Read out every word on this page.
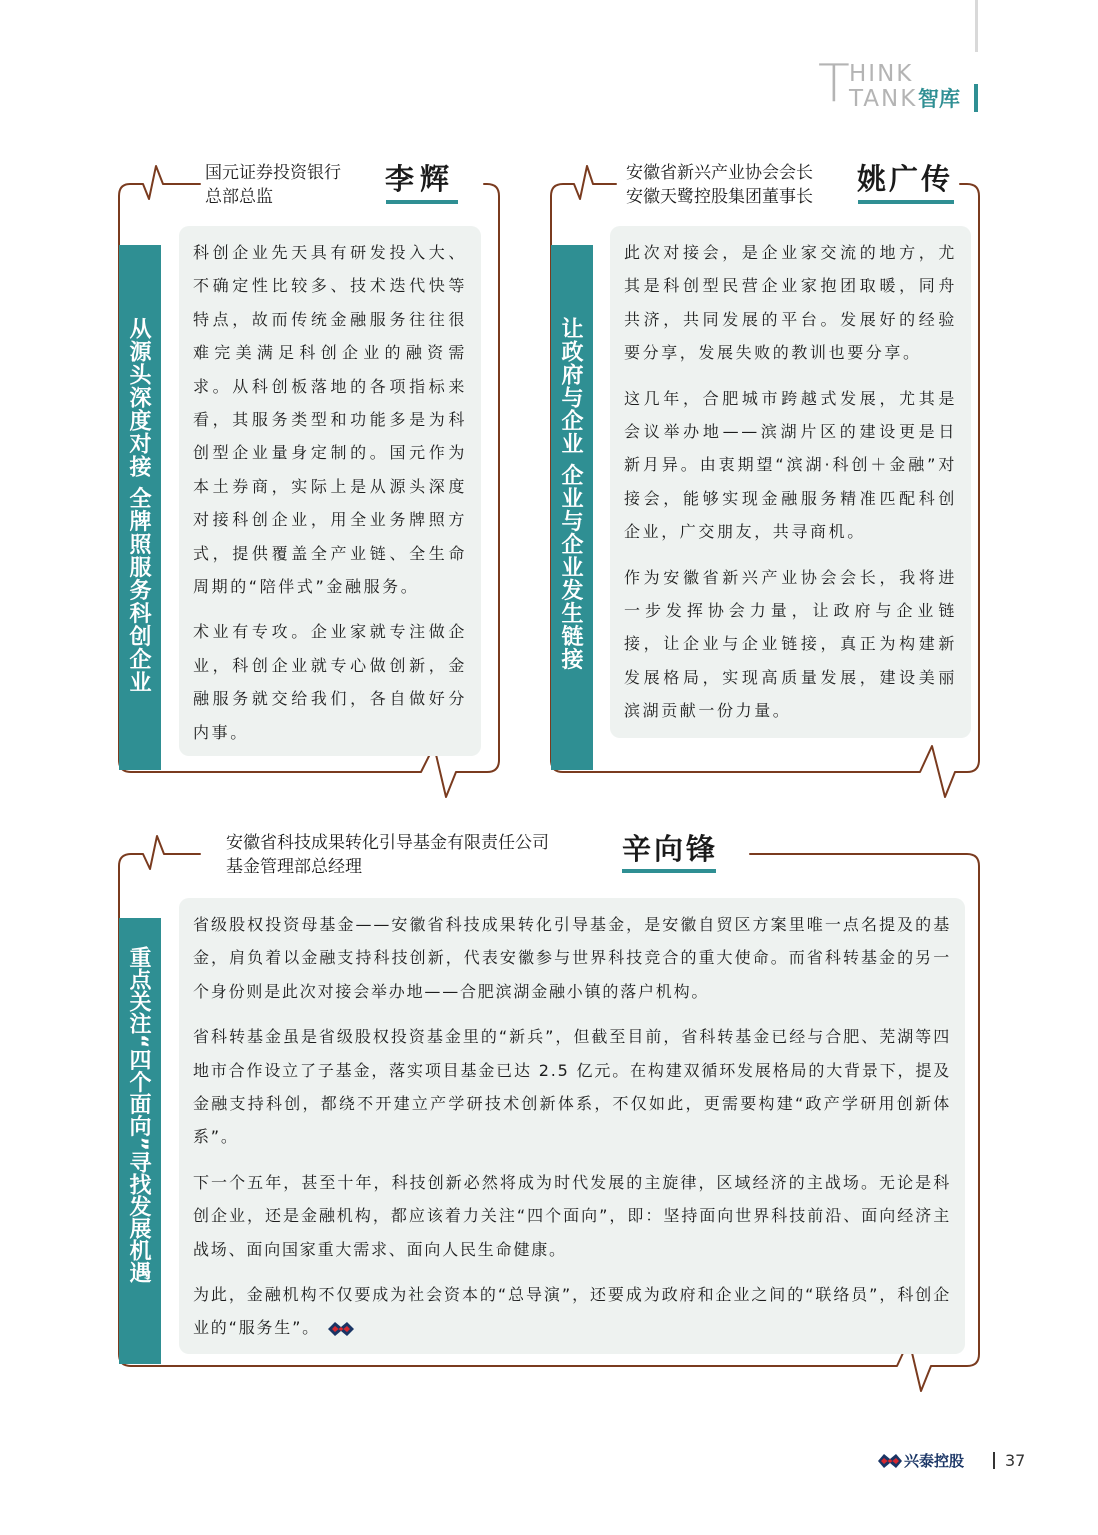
T HINK
TANK 智库
国元证券投资银行
总部总监
李辉
从源头深度对接 全牌照服务科创企业

科创企业先天具有研发投入大、不确定性比较多、技术迭代快等特点，故而传统金融服务往往很难完美满足科创企业的融资需求。从科创板落地的各项指标来看，其服务类型和功能多是为科创型企业量身定制的。国元作为本土券商，实际上是从源头深度对接科创企业，用全业务牌照方式，提供覆盖全产业链、全生命周期的“陪伴式”金融服务。

术业有专攻。企业家就专注做企业，科创企业就专心做创新，金融服务就交给我们，各自做好分内事。

安徽省新兴产业协会会长
安徽天鹭控股集团董事长
姚广传
让政府与企业 企业与企业发生链接

此次对接会，是企业家交流的地方，尤其是科创型民营企业家抱团取暖，同舟共济，共同发展的平台。发展好的经验要分享，发展失败的教训也要分享。

这几年，合肥城市跨越式发展，尤其是会议举办地——滨湖片区的建设更是日新月异。由衷期望“滨湖·科创＋金融”对接会，能够实现金融服务精准匹配科创企业，广交朋友，共寻商机。

作为安徽省新兴产业协会会长，我将进一步发挥协会力量，让政府与企业链接，让企业与企业链接，真正为构建新发展格局，实现高质量发展，建设美丽滨湖贡献一份力量。

安徽省科技成果转化引导基金有限责任公司
基金管理部总经理
辛向锋
重点关注“四个面向”寻找发展机遇

省级股权投资母基金——安徽省科技成果转化引导基金，是安徽自贸区方案里唯一点名提及的基金，肩负着以金融支持科技创新，代表安徽参与世界科技竞合的重大使命。而省科转基金的另一个身份则是此次对接会举办地——合肥滨湖金融小镇的落户机构。

省科转基金虽是省级股权投资基金里的“新兵”，但截至目前，省科转基金已经与合肥、芜湖等四地市合作设立了子基金，落实项目基金已达 2.5 亿元。在构建双循环发展格局的大背景下，提及金融支持科创，都绕不开建立产学研技术创新体系，不仅如此，更需要构建“政产学研用创新体系”。

下一个五年，甚至十年，科技创新必然将成为时代发展的主旋律，区域经济的主战场。无论是科创企业，还是金融机构，都应该着力关注“四个面向”，即：坚持面向世界科技前沿、面向经济主战场、面向国家重大需求、面向人民生命健康。

为此，金融机构不仅要成为社会资本的“总导演”，还要成为政府和企业之间的“联络员”，科创企业的“服务生”。

兴泰控股	37
